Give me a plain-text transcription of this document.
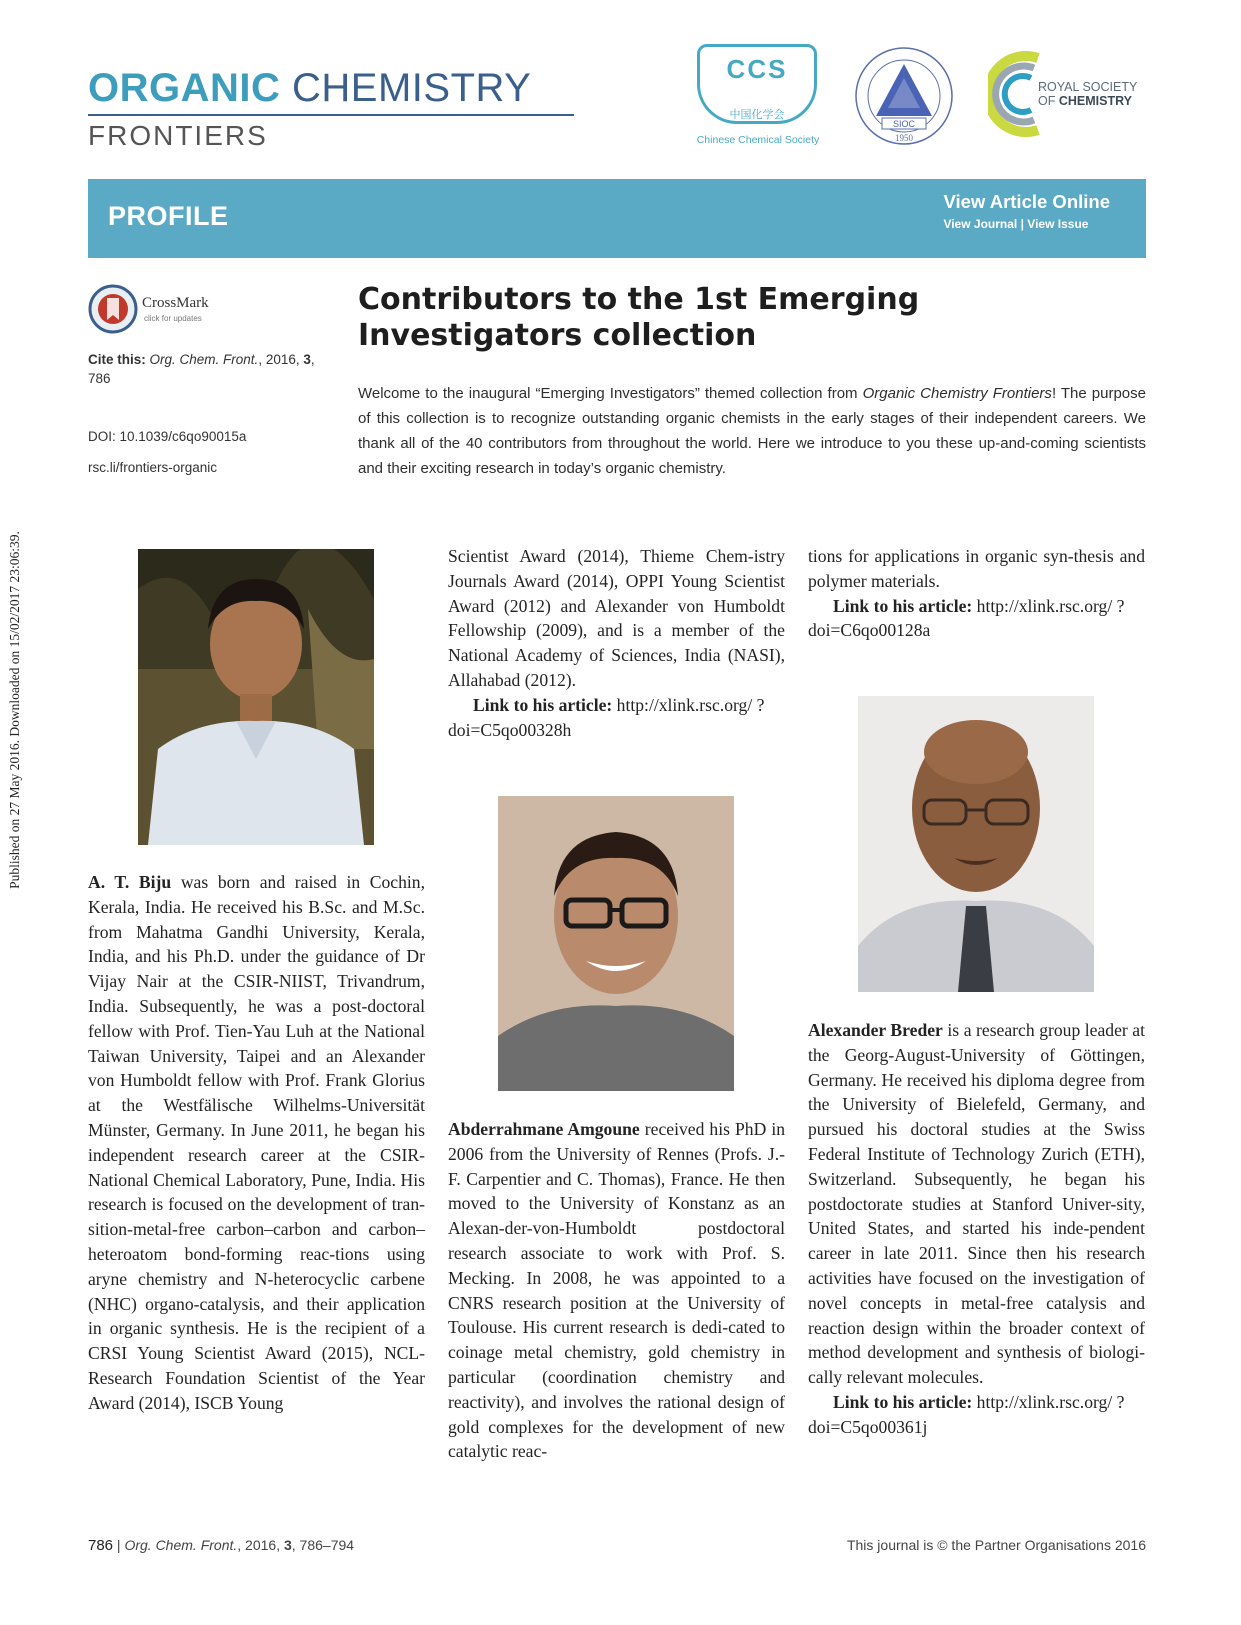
Published on 27 May 2016. Downloaded on 15/02/2017 23:06:39.
ORGANIC CHEMISTRY
FRONTIERS
CCS
中国化学会
Chinese Chemical Society
SIOC
1950
ROYAL SOCIETY
OF CHEMISTRY
PROFILE	View Article Online
View Journal | View Issue
CrossMark
click for updates
Cite this: Org. Chem. Front., 2016, 3,
786
DOI: 10.1039/c6qo90015a
rsc.li/frontiers-organic
Contributors to the 1st Emerging Investigators collection

Welcome to the inaugural “Emerging Investigators” themed collection from Organic Chemistry Frontiers! The purpose of this collection is to recognize outstanding organic chemists in the early stages of their independent careers. We thank all of the 40 contributors from throughout the world. Here we introduce to you these up-and-coming scientists and their exciting research in today’s organic chemistry.

A. T. Biju was born and raised in Cochin, Kerala, India. He received his B.Sc. and M.Sc. from Mahatma Gandhi University, Kerala, India, and his Ph.D. under the guidance of Dr Vijay Nair at the CSIR-NIIST, Trivandrum, India. Subsequently, he was a post-doctoral fellow with Prof. Tien-Yau Luh at the National Taiwan University, Taipei and an Alexander von Humboldt fellow with Prof. Frank Glorius at the Westfälische Wilhelms-Universität Münster, Germany. In June 2011, he began his independent research career at the CSIR-National Chemical Laboratory, Pune, India. His research is focused on the development of tran-sition-metal-free carbon–carbon and carbon–heteroatom bond-forming reac-tions using aryne chemistry and N-heterocyclic carbene (NHC) organo-catalysis, and their application in organic synthesis. He is the recipient of a CRSI Young Scientist Award (2015), NCL-Research Foundation Scientist of the Year Award (2014), ISCB Young

Scientist Award (2014), Thieme Chem-istry Journals Award (2014), OPPI Young Scientist Award (2012) and Alexander von Humboldt Fellowship (2009), and is a member of the National Academy of Sciences, India (NASI), Allahabad (2012).

Link to his article: http://xlink.rsc.org/ ?doi=C5qo00328h

Abderrahmane Amgoune received his PhD in 2006 from the University of Rennes (Profs. J.-F. Carpentier and C. Thomas), France. He then moved to the University of Konstanz as an Alexan-der-von-Humboldt postdoctoral research associate to work with Prof. S. Mecking. In 2008, he was appointed to a CNRS research position at the University of Toulouse. His current research is dedi-cated to coinage metal chemistry, gold chemistry in particular (coordination chemistry and reactivity), and involves the rational design of gold complexes for the development of new catalytic reac-

tions for applications in organic syn-thesis and polymer materials.

Link to his article: http://xlink.rsc.org/ ?doi=C6qo00128a

Alexander Breder is a research group leader at the Georg-August-University of Göttingen, Germany. He received his diploma degree from the University of Bielefeld, Germany, and pursued his doctoral studies at the Swiss Federal Institute of Technology Zurich (ETH), Switzerland. Subsequently, he began his postdoctorate studies at Stanford Univer-sity, United States, and started his inde-pendent career in late 2011. Since then his research activities have focused on the investigation of novel concepts in metal-free catalysis and reaction design within the broader context of method development and synthesis of biologi-cally relevant molecules.

Link to his article: http://xlink.rsc.org/ ?doi=C5qo00361j

786 | Org. Chem. Front., 2016, 3, 786–794	This journal is © the Partner Organisations 2016
